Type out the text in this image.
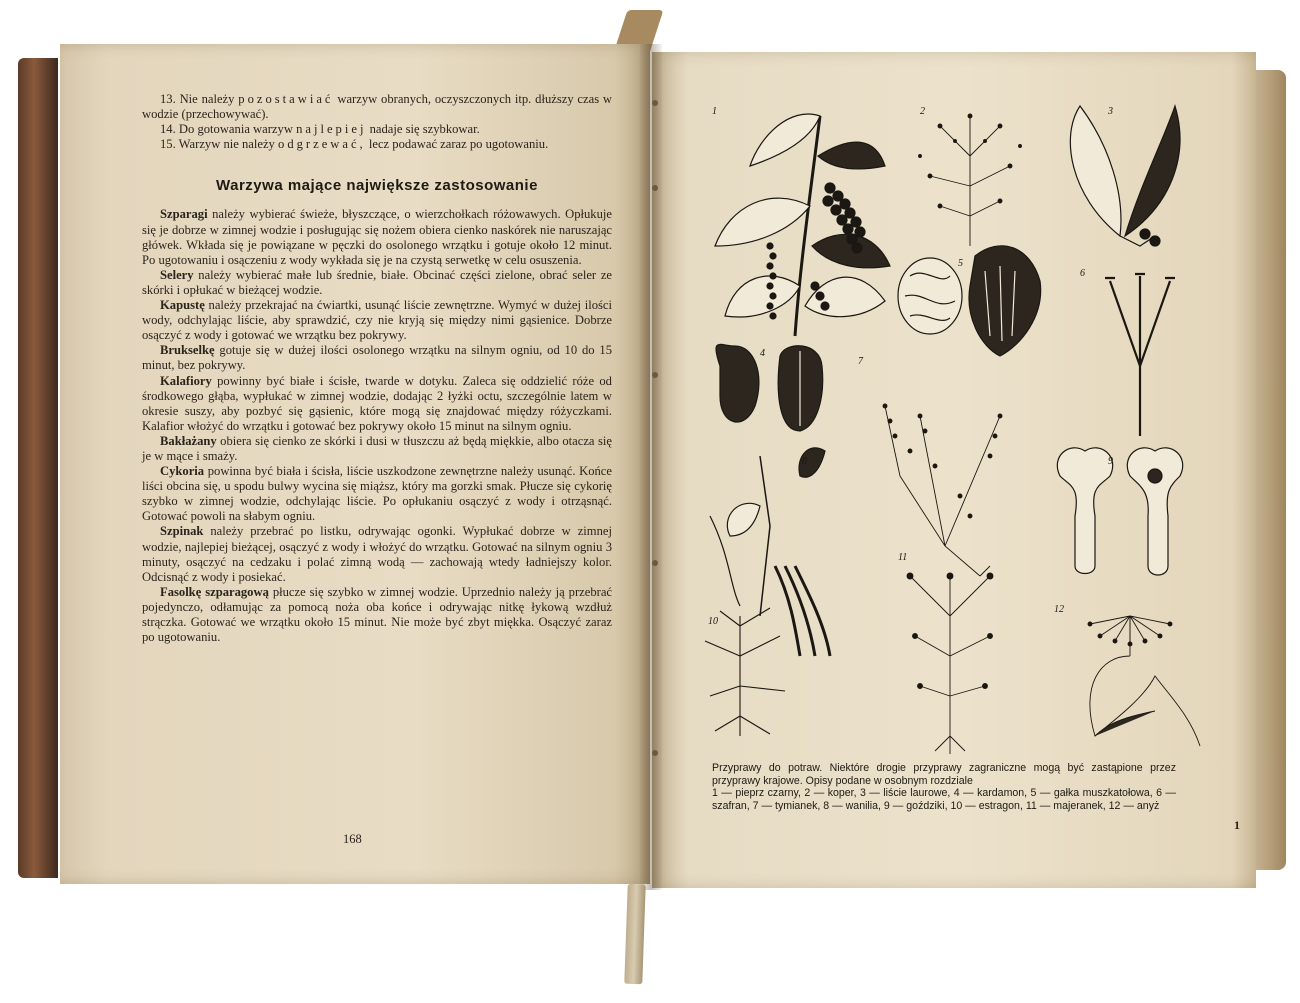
13. Nie należy pozostawiać warzyw obranych, oczyszczonych itp. dłuższy czas w wodzie (przechowywać).

14. Do gotowania warzyw najlepiej nadaje się szybkowar.

15. Warzyw nie należy odgrzewać, lecz podawać zaraz po ugotowaniu.

Warzywa mające największe zastosowanie

Szparagi należy wybierać świeże, błyszczące, o wierzchołkach różowawych. Opłukuje się je dobrze w zimnej wodzie i posługując się nożem obiera cienko naskórek nie naruszając główek. Wkłada się je powiązane w pęczki do osolonego wrzątku i gotuje około 12 minut. Po ugotowaniu i osączeniu z wody wykłada się je na czystą serwetkę w celu osuszenia.

Selery należy wybierać małe lub średnie, białe. Obcinać części zielone, obrać seler ze skórki i opłukać w bieżącej wodzie.

Kapustę należy przekrajać na ćwiartki, usunąć liście zewnętrzne. Wymyć w dużej ilości wody, odchylając liście, aby sprawdzić, czy nie kryją się między nimi gąsienice. Dobrze osączyć z wody i gotować we wrzątku bez pokrywy.

Brukselkę gotuje się w dużej ilości osolonego wrzątku na silnym ogniu, od 10 do 15 minut, bez pokrywy.

Kalafiory powinny być białe i ścisłe, twarde w dotyku. Zaleca się oddzielić róże od środkowego głąba, wypłukać w zimnej wodzie, dodając 2 łyżki octu, szczególnie latem w okresie suszy, aby pozbyć się gąsienic, które mogą się znajdować między różyczkami. Kalafior włożyć do wrzątku i gotować bez pokrywy około 15 minut na silnym ogniu.

Bakłażany obiera się cienko ze skórki i dusi w tłuszczu aż będą miękkie, albo otacza się je w mące i smaży.

Cykoria powinna być biała i ścisła, liście uszkodzone zewnętrzne należy usunąć. Końce liści obcina się, u spodu bulwy wycina się miąższ, który ma gorzki smak. Płucze się cykorię szybko w zimnej wodzie, odchylając liście. Po opłukaniu osączyć z wody i otrząsnąć. Gotować powoli na słabym ogniu.

Szpinak należy przebrać po listku, odrywając ogonki. Wypłukać dobrze w zimnej wodzie, najlepiej bieżącej, osączyć z wody i włożyć do wrzątku. Gotować na silnym ogniu 3 minuty, osączyć na cedzaku i polać zimną wodą — zachowają wtedy ładniejszy kolor. Odcisnąć z wody i posiekać.

Fasolkę szparagową płucze się szybko w zimnej wodzie. Uprzednio należy ją przebrać pojedynczo, odłamując za pomocą noża oba końce i odrywając nitkę łykową wzdłuż strączka. Gotować we wrzątku około 15 minut. Nie może być zbyt miękka. Osączyć zaraz po ugotowaniu.

168
1	2	3
4
5
6
7
8	9
10
11
12

Przyprawy do potraw. Niektóre drogie przyprawy zagraniczne mogą być zastąpione przez przyprawy krajowe. Opisy podane w osobnym rozdziale

1 — pieprz czarny, 2 — koper, 3 — liście laurowe, 4 — kardamon, 5 — gałka muszkatołowa, 6 — szafran, 7 — tymianek, 8 — wanilia, 9 — goździki, 10 — estragon, 11 — majeranek, 12 — anyż

1
